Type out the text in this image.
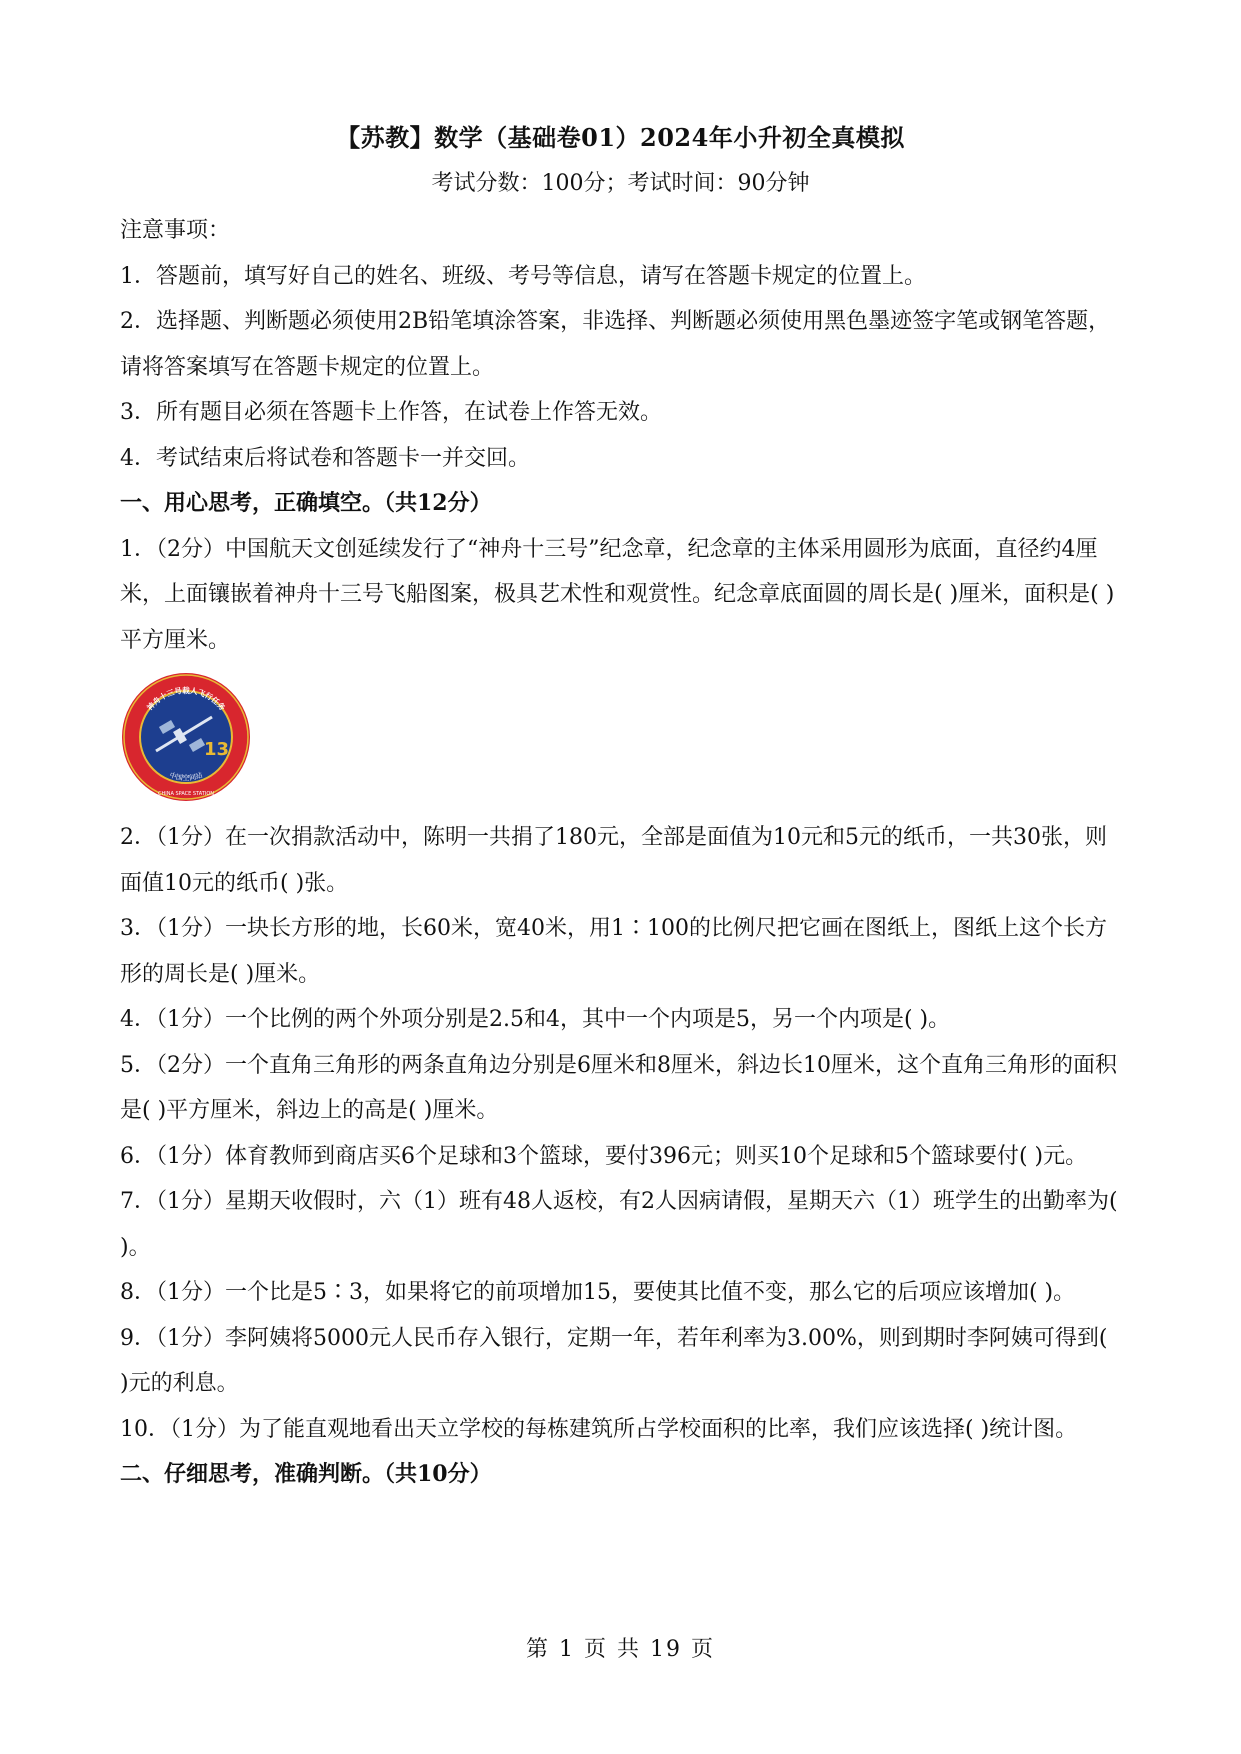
【苏教】数学（基础卷01）2024年小升初全真模拟
考试分数：100分；考试时间：90分钟

注意事项：

1．答题前，填写好自己的姓名、班级、考号等信息，请写在答题卡规定的位置上。

2．选择题、判断题必须使用2B铅笔填涂答案，非选择、判断题必须使用黑色墨迹签字笔或钢笔答题，请将答案填写在答题卡规定的位置上。

3．所有题目必须在答题卡上作答，在试卷上作答无效。

4．考试结束后将试卷和答题卡一并交回。

一、用心思考，正确填空。（共12分）

1．（2分）中国航天文创延续发行了“神舟十三号”纪念章，纪念章的主体采用圆形为底面，直径约4厘米，上面镶嵌着神舟十三号飞船图案，极具艺术性和观赏性。纪念章底面圆的周长是( )厘米，面积是( )平方厘米。

神舟十三号载人飞行任务
13
中国空间站
CHINA SPACE STATION

2．（1分）在一次捐款活动中，陈明一共捐了180元，全部是面值为10元和5元的纸币，一共30张，则面值10元的纸币( )张。

3．（1分）一块长方形的地，长60米，宽40米，用1∶100的比例尺把它画在图纸上，图纸上这个长方形的周长是( )厘米。

4．（1分）一个比例的两个外项分别是2.5和4，其中一个内项是5，另一个内项是( )。

5．（2分）一个直角三角形的两条直角边分别是6厘米和8厘米，斜边长10厘米，这个直角三角形的面积是( )平方厘米，斜边上的高是( )厘米。

6．（1分）体育教师到商店买6个足球和3个篮球，要付396元；则买10个足球和5个篮球要付( )元。

7．（1分）星期天收假时，六（1）班有48人返校，有2人因病请假，星期天六（1）班学生的出勤率为( )。

8．（1分）一个比是5∶3，如果将它的前项增加15，要使其比值不变，那么它的后项应该增加( )。

9．（1分）李阿姨将5000元人民币存入银行，定期一年，若年利率为3.00%，则到期时李阿姨可得到( )元的利息。

10．（1分）为了能直观地看出天立学校的每栋建筑所占学校面积的比率，我们应该选择( )统计图。

二、仔细思考，准确判断。（共10分）

第 1 页 共 19 页
